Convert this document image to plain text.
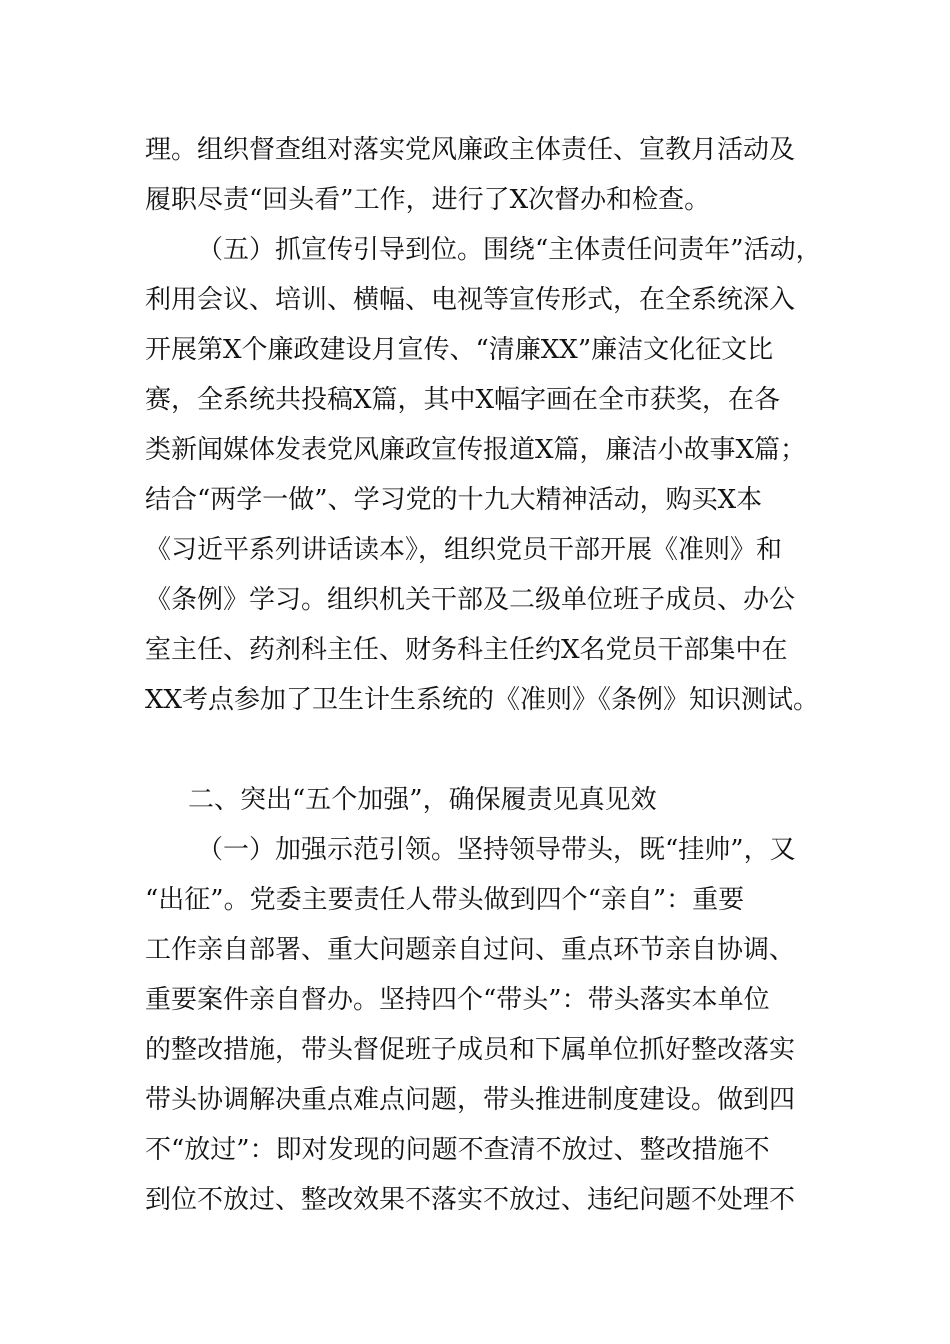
理。组织督查组对落实党风廉政主体责任、宣教月活动及
履职尽责“回头看”工作，进行了X次督办和检查。
（五）抓宣传引导到位。围绕“主体责任问责年”活动，
利用会议、培训、横幅、电视等宣传形式，在全系统深入
开展第X个廉政建设月宣传、“清廉XX”廉洁文化征文比
赛，全系统共投稿X篇，其中X幅字画在全市获奖，在各
类新闻媒体发表党风廉政宣传报道X篇，廉洁小故事X篇；
结合“两学一做”、学习党的十九大精神活动，购买X本
《习近平系列讲话读本》，组织党员干部开展《准则》和
《条例》学习。组织机关干部及二级单位班子成员、办公
室主任、药剂科主任、财务科主任约X名党员干部集中在
XX考点参加了卫生计生系统的《准则》《条例》知识测试。
二、突出“五个加强”，确保履责见真见效
（一）加强示范引领。坚持领导带头，既“挂帅”，又
“出征”。党委主要责任人带头做到四个“亲自”：重要
工作亲自部署、重大问题亲自过问、重点环节亲自协调、
重要案件亲自督办。坚持四个“带头”：带头落实本单位
的整改措施，带头督促班子成员和下属单位抓好整改落实
带头协调解决重点难点问题，带头推进制度建设。做到四
不“放过”：即对发现的问题不查清不放过、整改措施不
到位不放过、整改效果不落实不放过、违纪问题不处理不
